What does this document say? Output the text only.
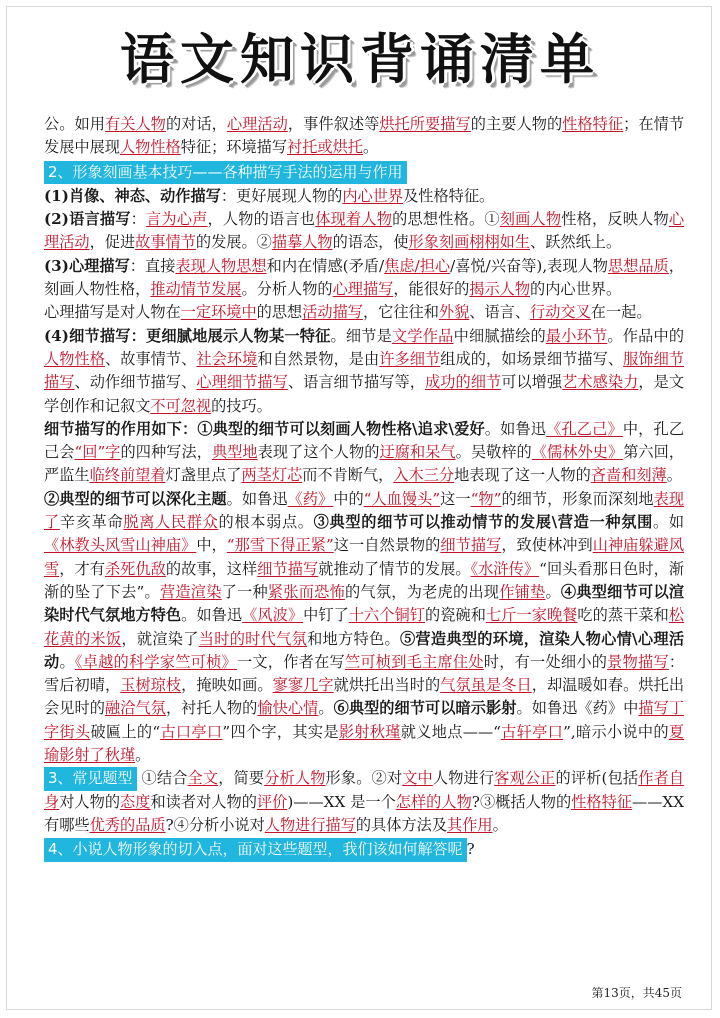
语文知识背诵清单

公。如用有关人物的对话，心理活动，事件叙述等烘托所要描写的主要人物的性格特征；在情节发展中展现人物性格特征；环境描写衬托或烘托。

2、形象刻画基本技巧——各种描写手法的运用与作用

(1)肖像、神态、动作描写：更好展现人物的内心世界及性格特征。

(2)语言描写：言为心声，人物的语言也体现着人物的思想性格。①刻画人物性格，反映人物心理活动，促进故事情节的发展。②描摹人物的语态，使形象刻画栩栩如生、跃然纸上。

(3)心理描写：直接表现人物思想和内在情感(矛盾/焦虑/担心/喜悦/兴奋等),表现人物思想品质，刻画人物性格，推动情节发展。分析人物的心理描写，能很好的揭示人物的内心世界。

心理描写是对人物在一定环境中的思想活动描写，它往往和外貌、语言、行动交叉在一起。

(4)细节描写：更细腻地展示人物某一特征。细节是文学作品中细腻描绘的最小环节。作品中的人物性格、故事情节、社会环境和自然景物，是由许多细节组成的，如场景细节描写、服饰细节描写、动作细节描写、心理细节描写、语言细节描写等，成功的细节可以增强艺术感染力，是文学创作和记叙文不可忽视的技巧。

细节描写的作用如下：①典型的细节可以刻画人物性格\追求\爱好。如鲁迅《孔乙己》中，孔乙己会“回”字的四种写法，典型地表现了这个人物的迂腐和呆气。吴敬梓的《儒林外史》第六回，严监生临终前望着灯盏里点了两茎灯芯而不肯断气，入木三分地表现了这一人物的吝啬和刻薄。

②典型的细节可以深化主题。如鲁迅《药》中的“人血馒头”这一“物”的细节，形象而深刻地表现了辛亥革命脱离人民群众的根本弱点。③典型的细节可以推动情节的发展\营造一种氛围。如《林教头风雪山神庙》中，“那雪下得正紧”这一自然景物的细节描写，致使林冲到山神庙躲避风雪，才有杀死仇敌的故事，这样细节描写就推动了情节的发展。《水浒传》“回头看那日色时，渐渐的坠了下去”。营造渲染了一种紧张而恐怖的气氛，为老虎的出现作铺垫。④典型细节可以渲染时代气氛地方特色。如鲁迅《风波》中钉了十六个铜钉的瓷碗和七斤一家晚餐吃的蒸干菜和松花黄的米饭，就渲染了当时的时代气氛和地方特色。⑤营造典型的环境，渲染人物心情\心理活动。《卓越的科学家竺可桢》一文，作者在写竺可桢到毛主席住处时，有一处细小的景物描写：雪后初晴，玉树琼枝，掩映如画。寥寥几字就烘托出当时的气氛虽是冬日，却温暖如春。烘托出会见时的融洽气氛，衬托人物的愉快心情。⑥典型的细节可以暗示影射。如鲁迅《药》中描写丁字街头破匾上的“古口亭口”四个字，其实是影射秋瑾就义地点——“古轩亭口”,暗示小说中的夏瑜影射了秋瑾。

3、常见题型 ①结合全文，简要分析人物形象。②对文中人物进行客观公正的评析(包括作者自身对人物的态度和读者对人物的评价)——XX 是一个怎样的人物?③概括人物的性格特征——XX 有哪些优秀的品质?④分析小说对人物进行描写的具体方法及其作用。

4、小说人物形象的切入点，面对这些题型，我们该如何解答呢 ?

第13页，共45页
